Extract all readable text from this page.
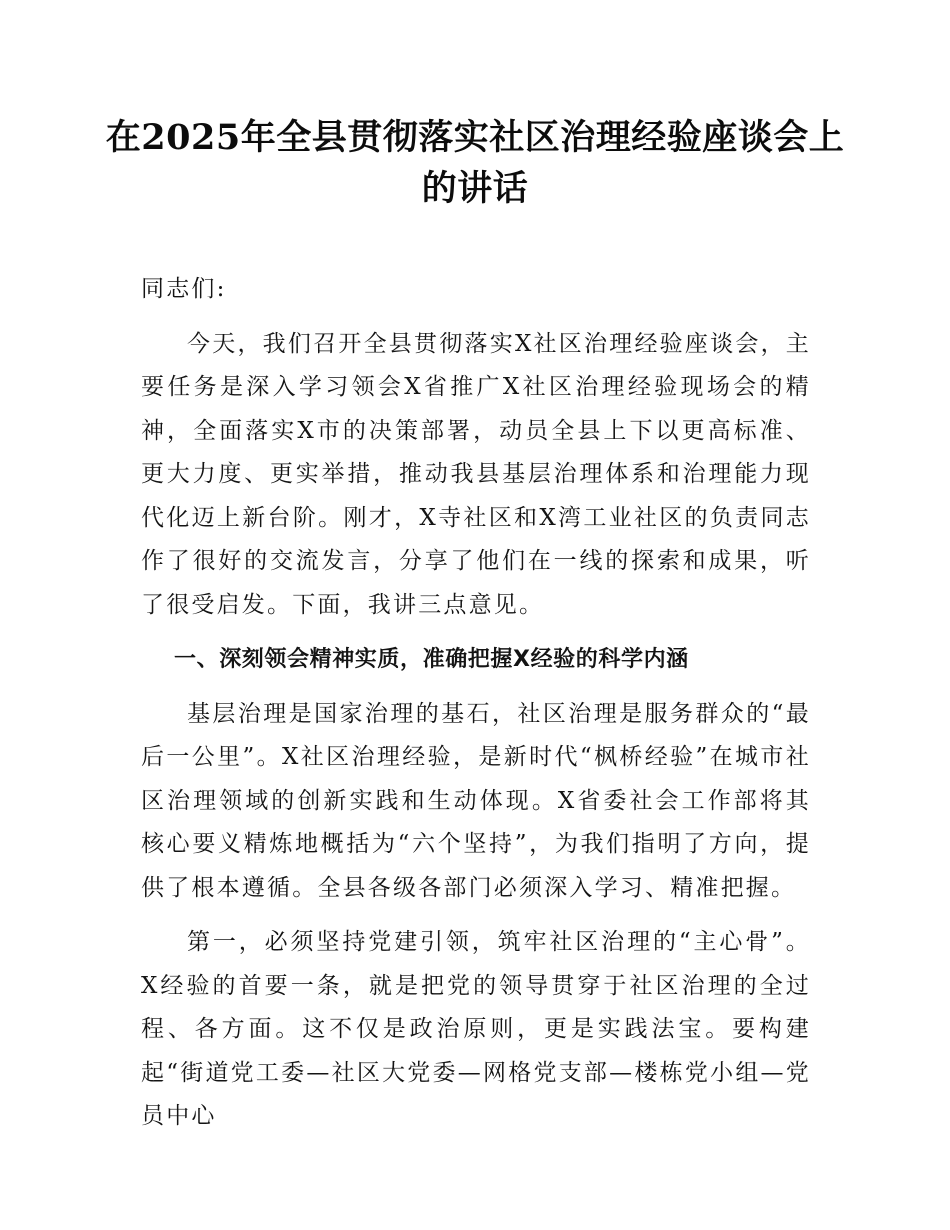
在2025年全县贯彻落实社区治理经验座谈会上的讲话

同志们:

今天，我们召开全县贯彻落实X社区治理经验座谈会，主要任务是深入学习领会X省推广X社区治理经验现场会的精神，全面落实X市的决策部署，动员全县上下以更高标准、更大力度、更实举措，推动我县基层治理体系和治理能力现代化迈上新台阶。刚才，X寺社区和X湾工业社区的负责同志作了很好的交流发言，分享了他们在一线的探索和成果，听了很受启发。下面，我讲三点意见。

一、深刻领会精神实质，准确把握X经验的科学内涵

基层治理是国家治理的基石，社区治理是服务群众的“最后一公里”。X社区治理经验，是新时代“枫桥经验”在城市社区治理领域的创新实践和生动体现。X省委社会工作部将其核心要义精炼地概括为“六个坚持”，为我们指明了方向，提供了根本遵循。全县各级各部门必须深入学习、精准把握。

第一，必须坚持党建引领，筑牢社区治理的“主心骨”。X经验的首要一条，就是把党的领导贯穿于社区治理的全过程、各方面。这不仅是政治原则，更是实践法宝。要构建起“街道党工委—社区大党委—网格党支部—楼栋党小组—党员中心
